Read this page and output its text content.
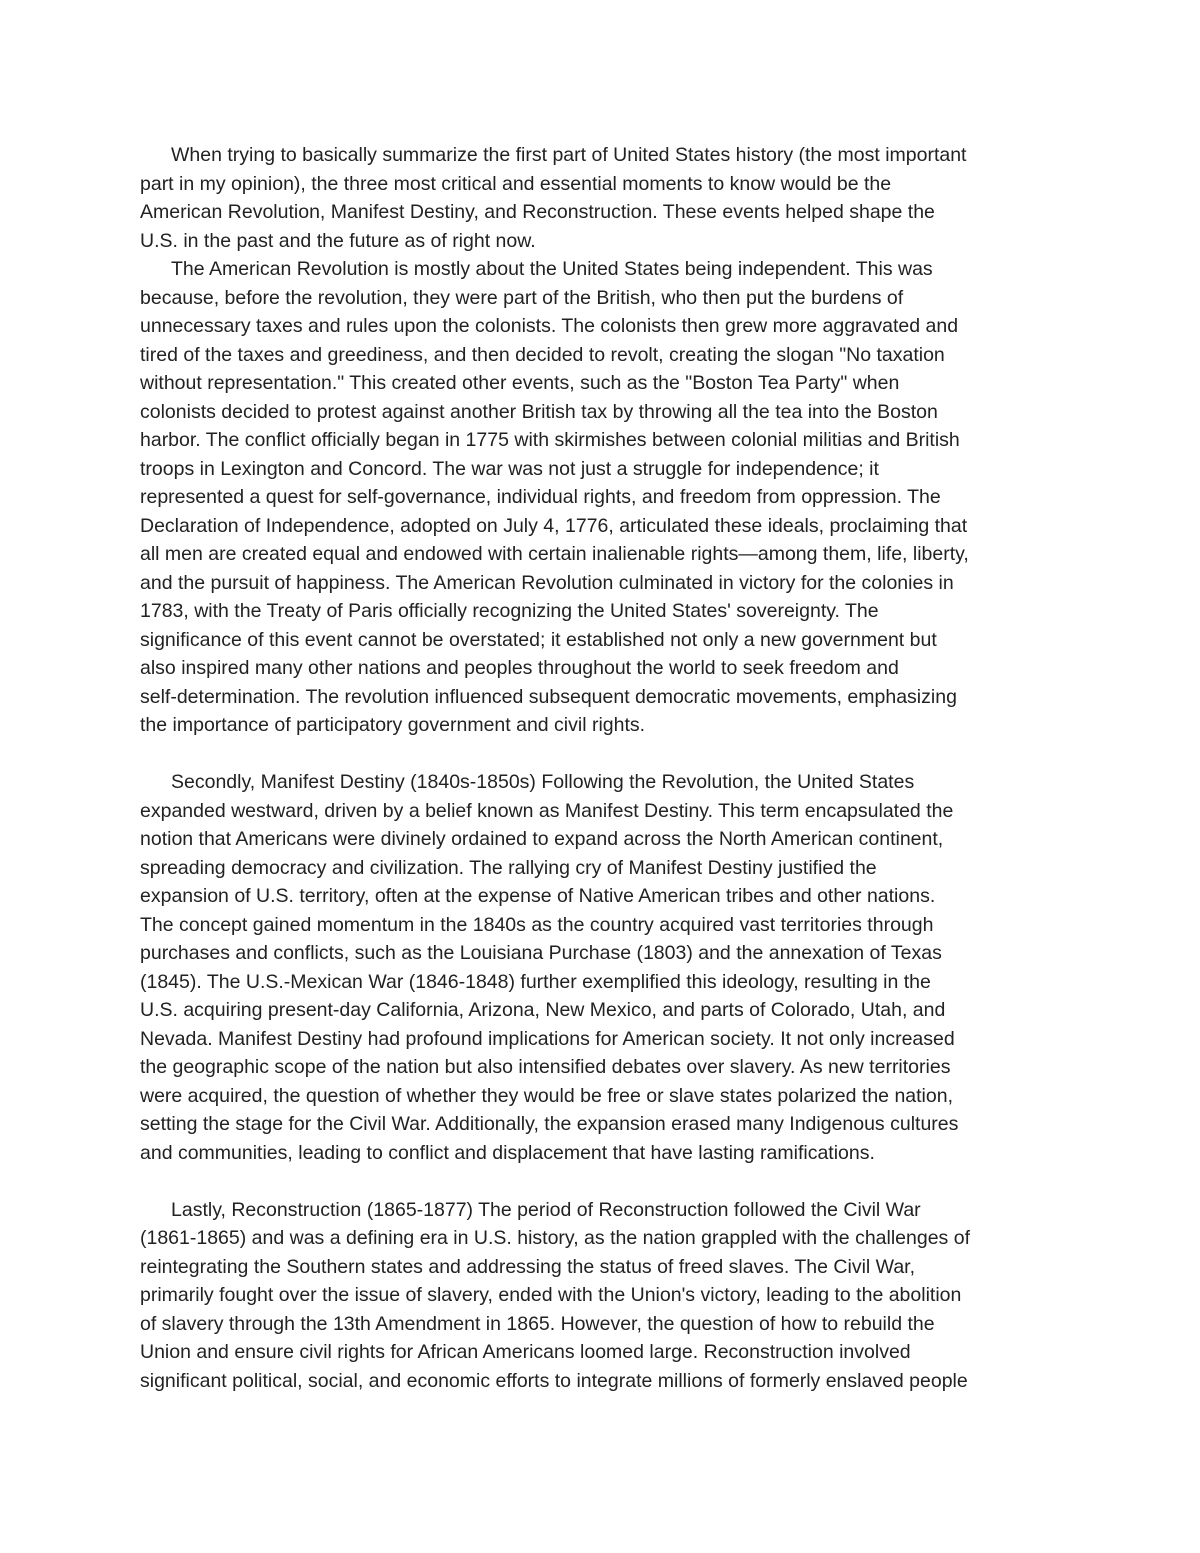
When trying to basically summarize the first part of United States history (the most important
part in my opinion), the three most critical and essential moments to know would be the
American Revolution, Manifest Destiny, and Reconstruction. These events helped shape the
U.S. in the past and the future as of right now.

The American Revolution is mostly about the United States being independent. This was
because, before the revolution, they were part of the British, who then put the burdens of
unnecessary taxes and rules upon the colonists. The colonists then grew more aggravated and
tired of the taxes and greediness, and then decided to revolt, creating the slogan "No taxation
without representation." This created other events, such as the "Boston Tea Party" when
colonists decided to protest against another British tax by throwing all the tea into the Boston
harbor. The conflict officially began in 1775 with skirmishes between colonial militias and British
troops in Lexington and Concord. The war was not just a struggle for independence; it
represented a quest for self-governance, individual rights, and freedom from oppression. The
Declaration of Independence, adopted on July 4, 1776, articulated these ideals, proclaiming that
all men are created equal and endowed with certain inalienable rights—among them, life, liberty,
and the pursuit of happiness. The American Revolution culminated in victory for the colonies in
1783, with the Treaty of Paris officially recognizing the United States' sovereignty. The
significance of this event cannot be overstated; it established not only a new government but
also inspired many other nations and peoples throughout the world to seek freedom and
self-determination. The revolution influenced subsequent democratic movements, emphasizing
the importance of participatory government and civil rights.

Secondly, Manifest Destiny (1840s-1850s) Following the Revolution, the United States
expanded westward, driven by a belief known as Manifest Destiny. This term encapsulated the
notion that Americans were divinely ordained to expand across the North American continent,
spreading democracy and civilization. The rallying cry of Manifest Destiny justified the
expansion of U.S. territory, often at the expense of Native American tribes and other nations.
The concept gained momentum in the 1840s as the country acquired vast territories through
purchases and conflicts, such as the Louisiana Purchase (1803) and the annexation of Texas
(1845). The U.S.-Mexican War (1846-1848) further exemplified this ideology, resulting in the
U.S. acquiring present-day California, Arizona, New Mexico, and parts of Colorado, Utah, and
Nevada. Manifest Destiny had profound implications for American society. It not only increased
the geographic scope of the nation but also intensified debates over slavery. As new territories
were acquired, the question of whether they would be free or slave states polarized the nation,
setting the stage for the Civil War. Additionally, the expansion erased many Indigenous cultures
and communities, leading to conflict and displacement that have lasting ramifications.

Lastly, Reconstruction (1865-1877) The period of Reconstruction followed the Civil War
(1861-1865) and was a defining era in U.S. history, as the nation grappled with the challenges of
reintegrating the Southern states and addressing the status of freed slaves. The Civil War,
primarily fought over the issue of slavery, ended with the Union's victory, leading to the abolition
of slavery through the 13th Amendment in 1865. However, the question of how to rebuild the
Union and ensure civil rights for African Americans loomed large. Reconstruction involved
significant political, social, and economic efforts to integrate millions of formerly enslaved people
